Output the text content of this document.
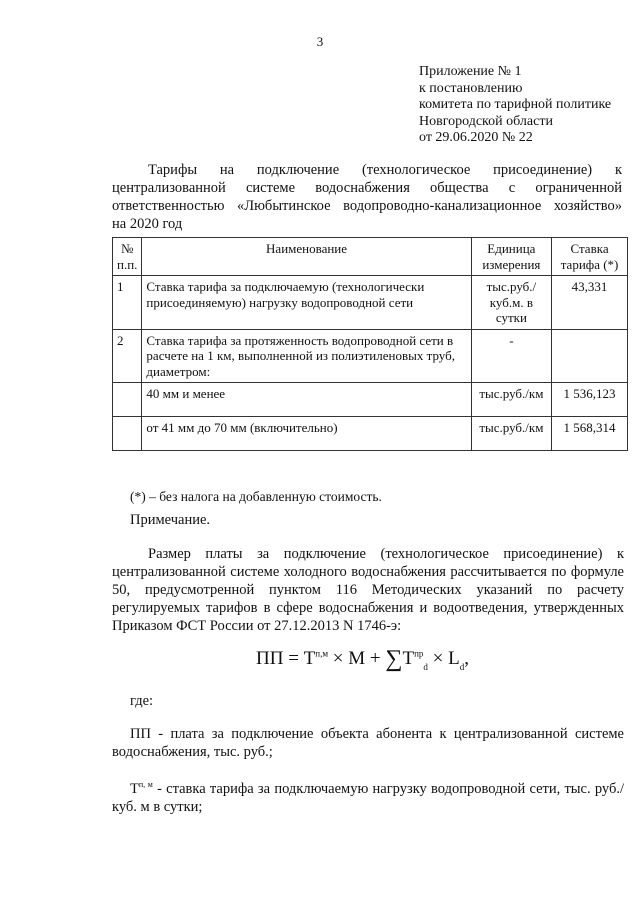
3
Приложение № 1
к постановлению
комитета по тарифной политике
Новгородской области
от 29.06.2020 № 22
Тарифы на подключение (технологическое присоединение) к
централизованной системе водоснабжения общества с ограниченной
ответственностью «Любытинское водопроводно-канализационное хозяйство»
на 2020 год
№ п.п.	Наименование	Единица измерения	Ставка тарифа (*)
1	Ставка тарифа за подключаемую (технологически присоединяемую) нагрузку водопроводной сети	тыс.руб./куб.м. в сутки	43,331
2	Ставка тарифа за протяженность водопроводной сети в расчете на 1 км, выполненной из полиэтиленовых труб, диаметром:	-	
	40 мм и менее	тыс.руб./км	1 536,123
	от 41 мм до 70 мм (включительно)	тыс.руб./км	1 568,314
(*) – без налога на добавленную стоимость.
Примечание.
Размер платы за подключение (технологическое присоединение) к централизованной системе холодного водоснабжения рассчитывается по формуле 50, предусмотренной пунктом 116 Методических указаний по расчету регулируемых тарифов в сфере водоснабжения и водоотведения, утвержденных Приказом ФСТ России от 27.12.2013 N 1746-э:
ПП = $T^{п,м} \times M + \sum T^{пр}_d \times L_d$,
где:
ПП - плата за подключение объекта абонента к централизованной системе водоснабжения, тыс. руб.;
$T^{п, м}$ - ставка тарифа за подключаемую нагрузку водопроводной сети, тыс. руб./куб. м в сутки;
